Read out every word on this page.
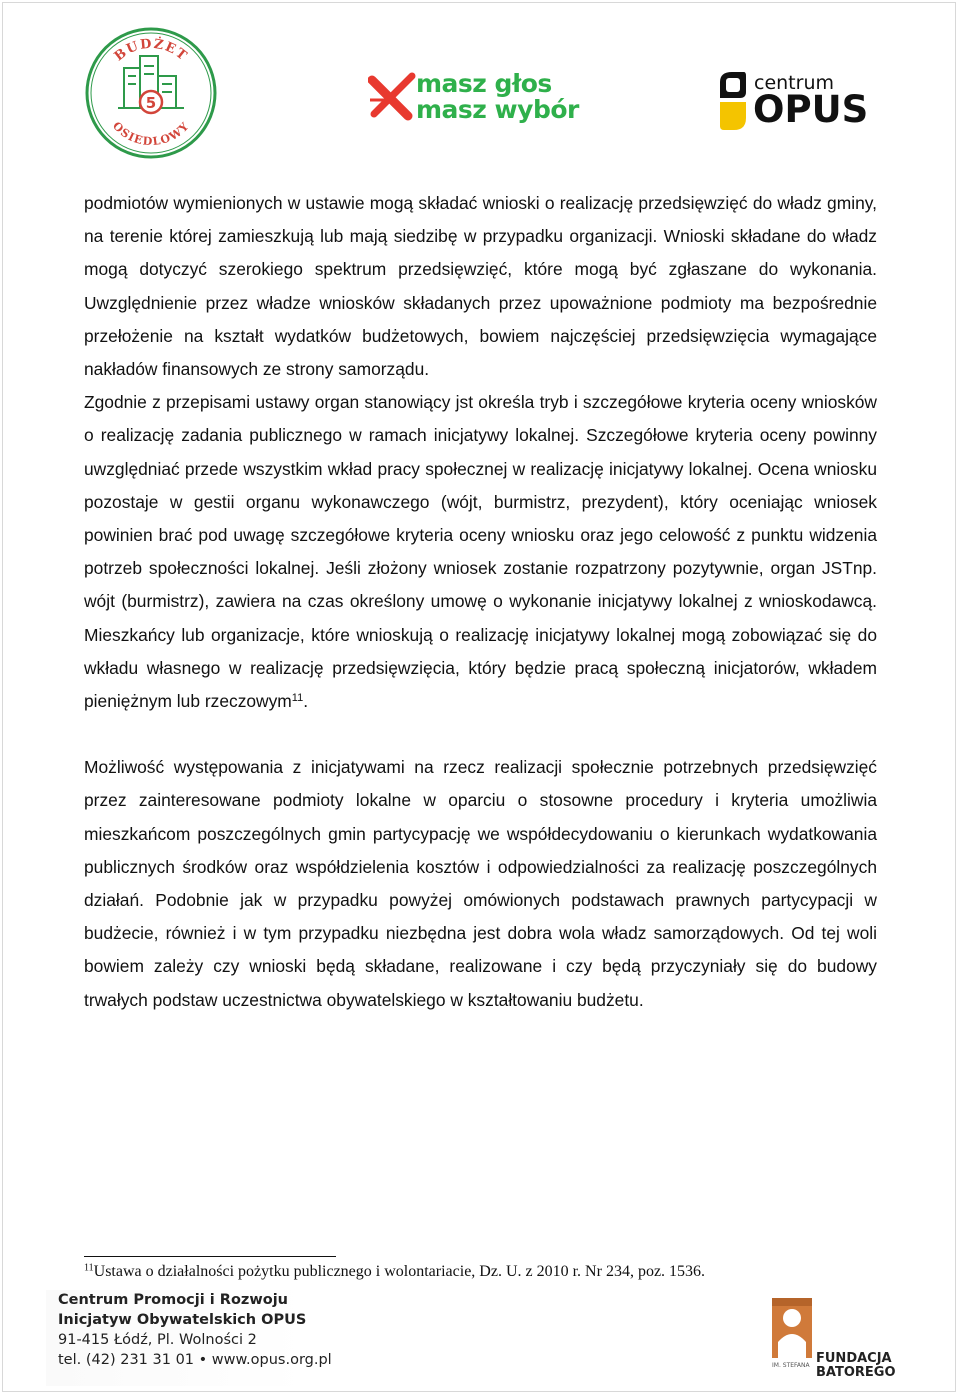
BUDŻET
OSIEDLOWY
5
masz głos
masz wybór
centrum
OPUS

podmiotów wymienionych w ustawie mogą składać wnioski o realizację przedsięwzięć do władz gminy, na terenie której zamieszkują lub mają siedzibę w przypadku organizacji. Wnioski składane do władz mogą dotyczyć szerokiego spektrum przedsięwzięć, które mogą być zgłaszane do wykonania. Uwzględnienie przez władze wniosków składanych przez upoważnione podmioty ma bezpośrednie przełożenie na kształt wydatków budżetowych, bowiem najczęściej przedsięwzięcia wymagające nakładów finansowych ze strony samorządu.

Zgodnie z przepisami ustawy organ stanowiący jst określa tryb i szczegółowe kryteria oceny wniosków o realizację zadania publicznego w ramach inicjatywy lokalnej. Szczegółowe kryteria oceny powinny uwzględniać przede wszystkim wkład pracy społecznej w realizację inicjatywy lokalnej. Ocena wniosku pozostaje w gestii organu wykonawczego (wójt, burmistrz, prezydent), który oceniając wniosek powinien brać pod uwagę szczegółowe kryteria oceny wniosku oraz jego celowość z punktu widzenia potrzeb społeczności lokalnej. Jeśli złożony wniosek zostanie rozpatrzony pozytywnie, organ JSTnp. wójt (burmistrz), zawiera na czas określony umowę o wykonanie inicjatywy lokalnej z wnioskodawcą. Mieszkańcy lub organizacje, które wnioskują o realizację inicjatywy lokalnej mogą zobowiązać się do wkładu własnego w realizację przedsięwzięcia, który będzie pracą społeczną inicjatorów, wkładem pieniężnym lub rzeczowym$^{11}$.

Możliwość występowania z inicjatywami na rzecz realizacji społecznie potrzebnych przedsięwzięć przez zainteresowane podmioty lokalne w oparciu o stosowne procedury i kryteria umożliwia mieszkańcom poszczególnych gmin partycypację we współdecydowaniu o kierunkach wydatkowania publicznych środków oraz współdzielenia kosztów i odpowiedzialności za realizację poszczególnych działań. Podobnie jak w przypadku powyżej omówionych podstawach prawnych partycypacji w budżecie, również i w tym przypadku niezbędna jest dobra wola władz samorządowych. Od tej woli bowiem zależy czy wnioski będą składane, realizowane i czy będą przyczyniały się do budowy trwałych podstaw uczestnictwa obywatelskiego w kształtowaniu budżetu.

$^{11}$Ustawa o działalności pożytku publicznego i wolontariacie, Dz. U. z 2010 r. Nr 234, poz. 1536.
Centrum Promocji i Rozwoju
Inicjatyw Obywatelskich OPUS
91-415 Łódź, Pl. Wolności 2
tel. (42) 231 31 01 • www.opus.org.pl	IM. STEFANA FUNDACJA
BATOREGO
